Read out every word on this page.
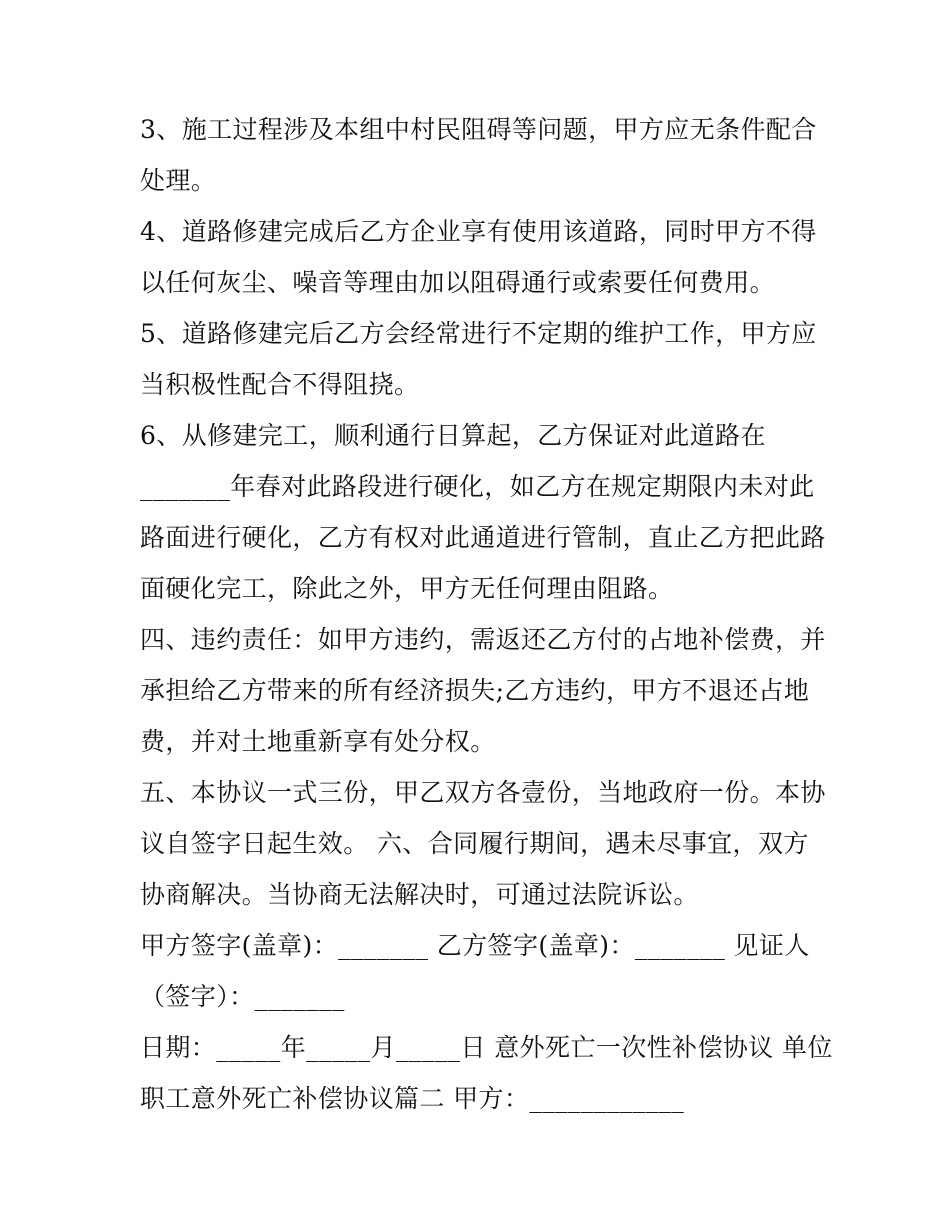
3、施工过程涉及本组中村民阻碍等问题，甲方应无条件配合
处理。
4、道路修建完成后乙方企业享有使用该道路，同时甲方不得
以任何灰尘、噪音等理由加以阻碍通行或索要任何费用。
5、道路修建完后乙方会经常进行不定期的维护工作，甲方应
当积极性配合不得阻挠。
6、从修建完工，顺利通行日算起，乙方保证对此道路在
_______年春对此路段进行硬化，如乙方在规定期限内未对此
路面进行硬化，乙方有权对此通道进行管制，直止乙方把此路
面硬化完工，除此之外，甲方无任何理由阻路。
四、违约责任：如甲方违约，需返还乙方付的占地补偿费，并
承担给乙方带来的所有经济损失;乙方违约，甲方不退还占地
费，并对土地重新享有处分权。
五、本协议一式三份，甲乙双方各壹份，当地政府一份。本协
议自签字日起生效。 六、合同履行期间，遇未尽事宜，双方
协商解决。当协商无法解决时，可通过法院诉讼。
甲方签字(盖章)：_______ 乙方签字(盖章)：_______ 见证人
（签字）：_______
日期：_____年_____月_____日 意外死亡一次性补偿协议 单位
职工意外死亡补偿协议篇二 甲方：____________
